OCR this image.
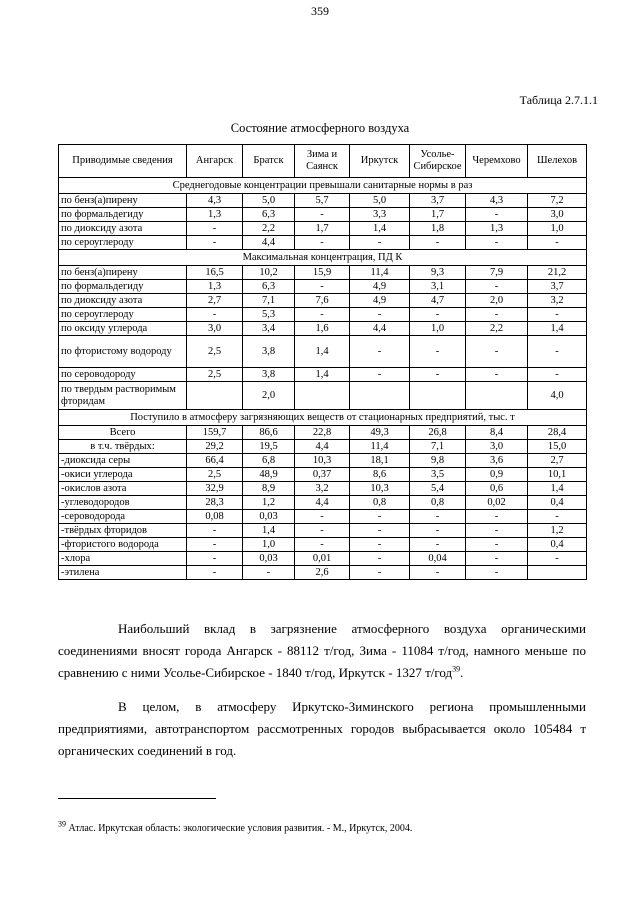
359
Таблица 2.7.1.1
Состояние атмосферного воздуха
Приводимые сведения	Ангарск	Братск	Зима и Саянск	Иркутск	Усолье-Сибирское	Черемхово	Шелехов
Среднегодовые концентрации превышали санитарные нормы в раз							
по бенз(а)пирену	4,3	5,0	5,7	5,0	3,7	4,3	7,2
по формальдегиду	1,3	6,3	-	3,3	1,7	-	3,0
по диоксиду азота	-	2,2	1,7	1,4	1,8	1,3	1,0
по сероуглероду	-	4,4	-	-	-	-	-
Максимальная концентрация, ПД К							
по бенз(а)пирену	16,5	10,2	15,9	11,4	9,3	7,9	21,2
по формальдегиду	1,3	6,3	-	4,9	3,1	-	3,7
по диоксиду азота	2,7	7,1	7,6	4,9	4,7	2,0	3,2
по сероуглероду	-	5,3	-	-	-	-	-
по оксиду углерода	3,0	3,4	1,6	4,4	1,0	2,2	1,4
по фтористому водороду	2,5	3,8	1,4	-	-	-	-
по сероводороду	2,5	3,8	1,4	-	-	-	-
по твердым растворимым фторидам		2,0					4,0
Поступило в атмосферу загрязняющих веществ от стационарных предприятий, тыс. т							
Всего	159,7	86,6	22,8	49,3	26,8	8,4	28,4
в т.ч. твёрдых:	29,2	19,5	4,4	11,4	7,1	3,0	15,0
-диоксида серы	66,4	6,8	10,3	18,1	9,8	3,6	2,7
-окиси углерода	2,5	48,9	0,37	8,6	3,5	0,9	10,1
-окислов азота	32,9	8,9	3,2	10,3	5,4	0,6	1,4
-углеводородов	28,3	1,2	4,4	0,8	0,8	0,02	0,4
-сероводорода	0,08	0,03	-	-	-	-	-
-твёрдых фторидов	-	1,4	-	-	-	-	1,2
-фтористого водорода	-	1,0	-	-	-	-	0,4
-хлора	-	0,03	0,01	-	0,04	-	-
-этилена	-	-	2,6	-	-	-	
Наибольший вклад в загрязнение атмосферного воздуха органическими соединениями вносят города Ангарск - 88112 т/год, Зима - 11084 т/год, намного меньше по сравнению с ними Усолье-Сибирское - 1840 т/год, Иркутск - 1327 т/год$^{39}$.
В целом, в атмосферу Иркутско-Зиминского региона промышленными предприятиями, автотранспортом рассмотренных городов выбрасывается около 105484 т органических соединений в год.
$^{39}$ Атлас. Иркутская область: экологические условия развития. - М., Иркутск, 2004.
